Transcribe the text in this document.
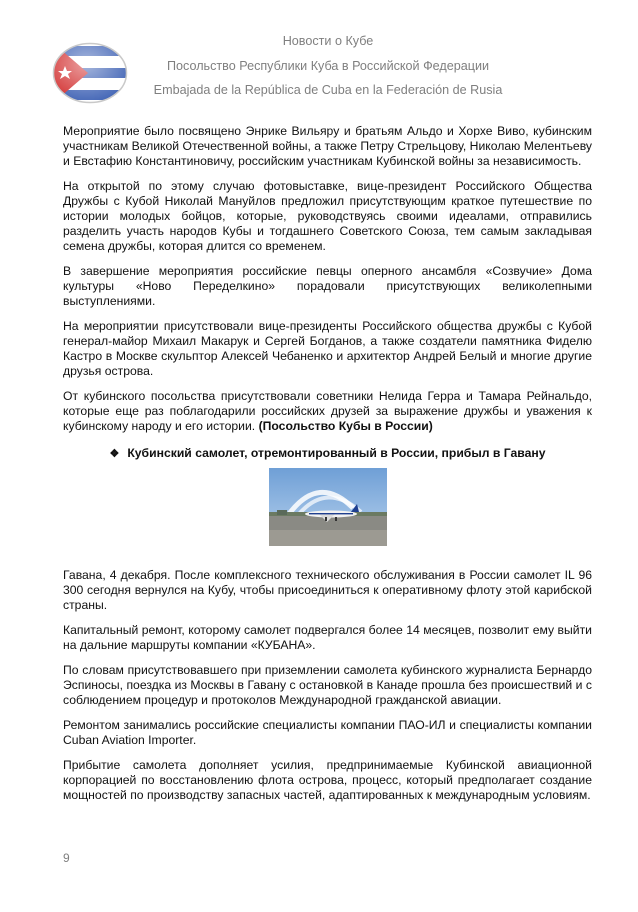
Новости о Кубе
Посольство Республики Куба в Российской Федерации
Embajada de la República de Cuba en la Federación de Rusia

Мероприятие было посвящено Энрике Вильяру и братьям Альдо и Хорхе Виво, кубинским участникам Великой Отечественной войны, а также Петру Стрельцову, Николаю Мелентьеву и Евстафию Константиновичу, российским участникам Кубинской войны за независимость.

На открытой по этому случаю фотовыставке, вице-президент Российского Общества Дружбы с Кубой Николай Мануйлов предложил присутствующим краткое путешествие по истории молодых бойцов, которые, руководствуясь своими идеалами, отправились разделить участь народов Кубы и тогдашнего Советского Союза, тем самым закладывая семена дружбы, которая длится со временем.

В завершение мероприятия российские певцы оперного ансамбля «Созвучие» Дома культуры «Ново Переделкино» порадовали присутствующих великолепными выступлениями.

На мероприятии присутствовали вице-президенты Российского общества дружбы с Кубой генерал-майор Михаил Макарук и Сергей Богданов, а также создатели памятника Фиделю Кастро в Москве скульптор Алексей Чебаненко и архитектор Андрей Белый и многие другие друзья острова.

От кубинского посольства присутствовали советники Нелида Герра и Тамара Рейнальдо, которые еще раз поблагодарили российских друзей за выражение дружбы и уважения к кубинскому народу и его истории. (Посольство Кубы в России)

❖ Кубинский самолет, отремонтированный в России, прибыл в Гавану

Гавана, 4 декабря. После комплексного технического обслуживания в России самолет IL 96 300 сегодня вернулся на Кубу, чтобы присоединиться к оперативному флоту этой карибской страны.

Капитальный ремонт, которому самолет подвергался более 14 месяцев, позволит ему выйти на дальние маршруты компании «КУБАНА».

По словам присутствовавшего при приземлении самолета кубинского журналиста Бернардо Эспиносы, поездка из Москвы в Гавану с остановкой в Канаде прошла без происшествий и с соблюдением процедур и протоколов Международной гражданской авиации.

Ремонтом занимались российские специалисты компании ПАО-ИЛ и специалисты компании Cuban Aviation Importer.

Прибытие самолета дополняет усилия, предпринимаемые Кубинской авиационной корпорацией по восстановлению флота острова, процесс, который предполагает создание мощностей по производству запасных частей, адаптированных к международным условиям.

9
